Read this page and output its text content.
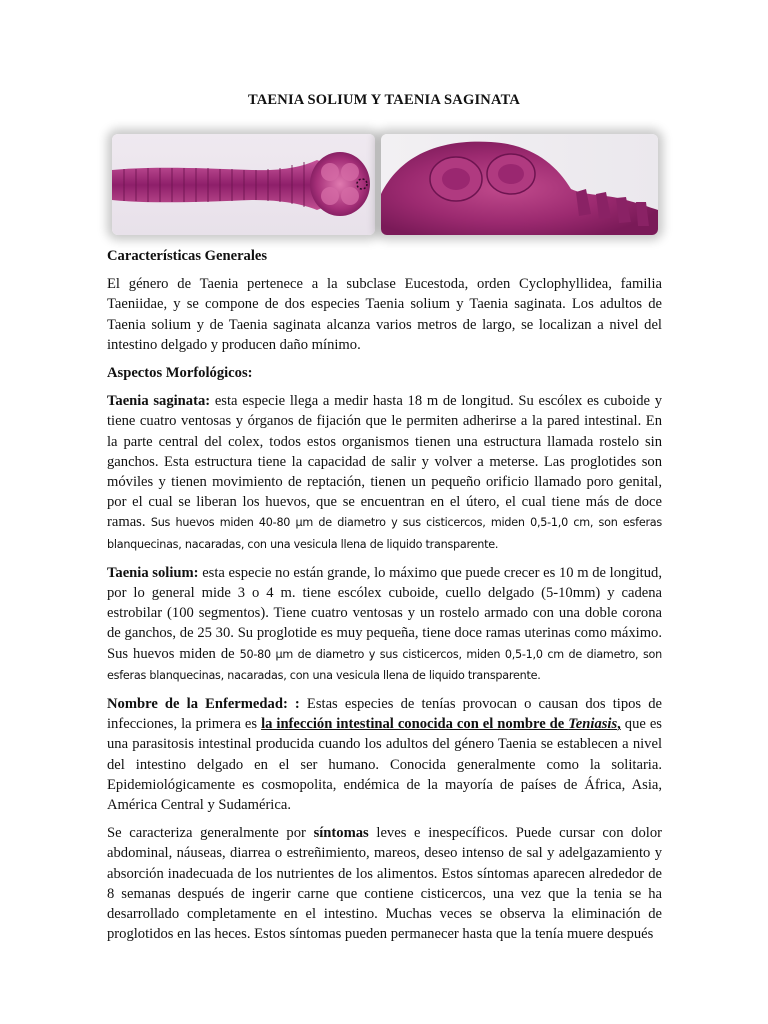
TAENIA SOLIUM Y TAENIA SAGINATA

Características Generales

El género de Taenia pertenece a la subclase Eucestoda, orden Cyclophyllidea, familia Taeniidae, y se compone de dos especies Taenia solium y Taenia saginata. Los adultos de Taenia solium y de Taenia saginata alcanza varios metros de largo, se localizan a nivel del intestino delgado y producen daño mínimo.

Aspectos Morfológicos:

Taenia saginata: esta especie llega a medir hasta 18 m de longitud. Su escólex es cuboide y tiene cuatro ventosas y órganos de fijación que le permiten adherirse a la pared intestinal. En la parte central del colex, todos estos organismos tienen una estructura llamada rostelo sin ganchos. Esta estructura tiene la capacidad de salir y volver a meterse. Las proglotides son móviles y tienen movimiento de reptación, tienen un pequeño orificio llamado poro genital, por el cual se liberan los huevos, que se encuentran en el útero, el cual tiene más de doce ramas. Sus huevos miden 40-80 μm de diametro y sus cisticercos, miden 0,5-1,0 cm, son esferas blanquecinas, nacaradas, con una vesicula llena de liquido transparente.

Taenia solium: esta especie no están grande, lo máximo que puede crecer es 10 m de longitud, por lo general mide 3 o 4 m. tiene escólex cuboide, cuello delgado (5-10mm) y cadena estrobilar (100 segmentos). Tiene cuatro ventosas y un rostelo armado con una doble corona de ganchos, de 25 30. Su proglotide es muy pequeña, tiene doce ramas uterinas como máximo. Sus huevos miden de 50-80 μm de diametro y sus cisticercos, miden 0,5-1,0 cm de diametro, son esferas blanquecinas, nacaradas, con una vesicula llena de liquido transparente.

Nombre de la Enfermedad: : Estas especies de tenías provocan o causan dos tipos de infecciones, la primera es la infección intestinal conocida con el nombre de Teniasis, que es una parasitosis intestinal producida cuando los adultos del género Taenia se establecen a nivel del intestino delgado en el ser humano. Conocida generalmente como la solitaria. Epidemiológicamente es cosmopolita, endémica de la mayoría de países de África, Asia, América Central y Sudamérica.

Se caracteriza generalmente por síntomas leves e inespecíficos. Puede cursar con dolor abdominal, náuseas, diarrea o estreñimiento, mareos, deseo intenso de sal y adelgazamiento y absorción inadecuada de los nutrientes de los alimentos. Estos síntomas aparecen alrededor de 8 semanas después de ingerir carne que contiene cisticercos, una vez que la tenia se ha desarrollado completamente en el intestino. Muchas veces se observa la eliminación de proglotidos en las heces. Estos síntomas pueden permanecer hasta que la tenía muere después
